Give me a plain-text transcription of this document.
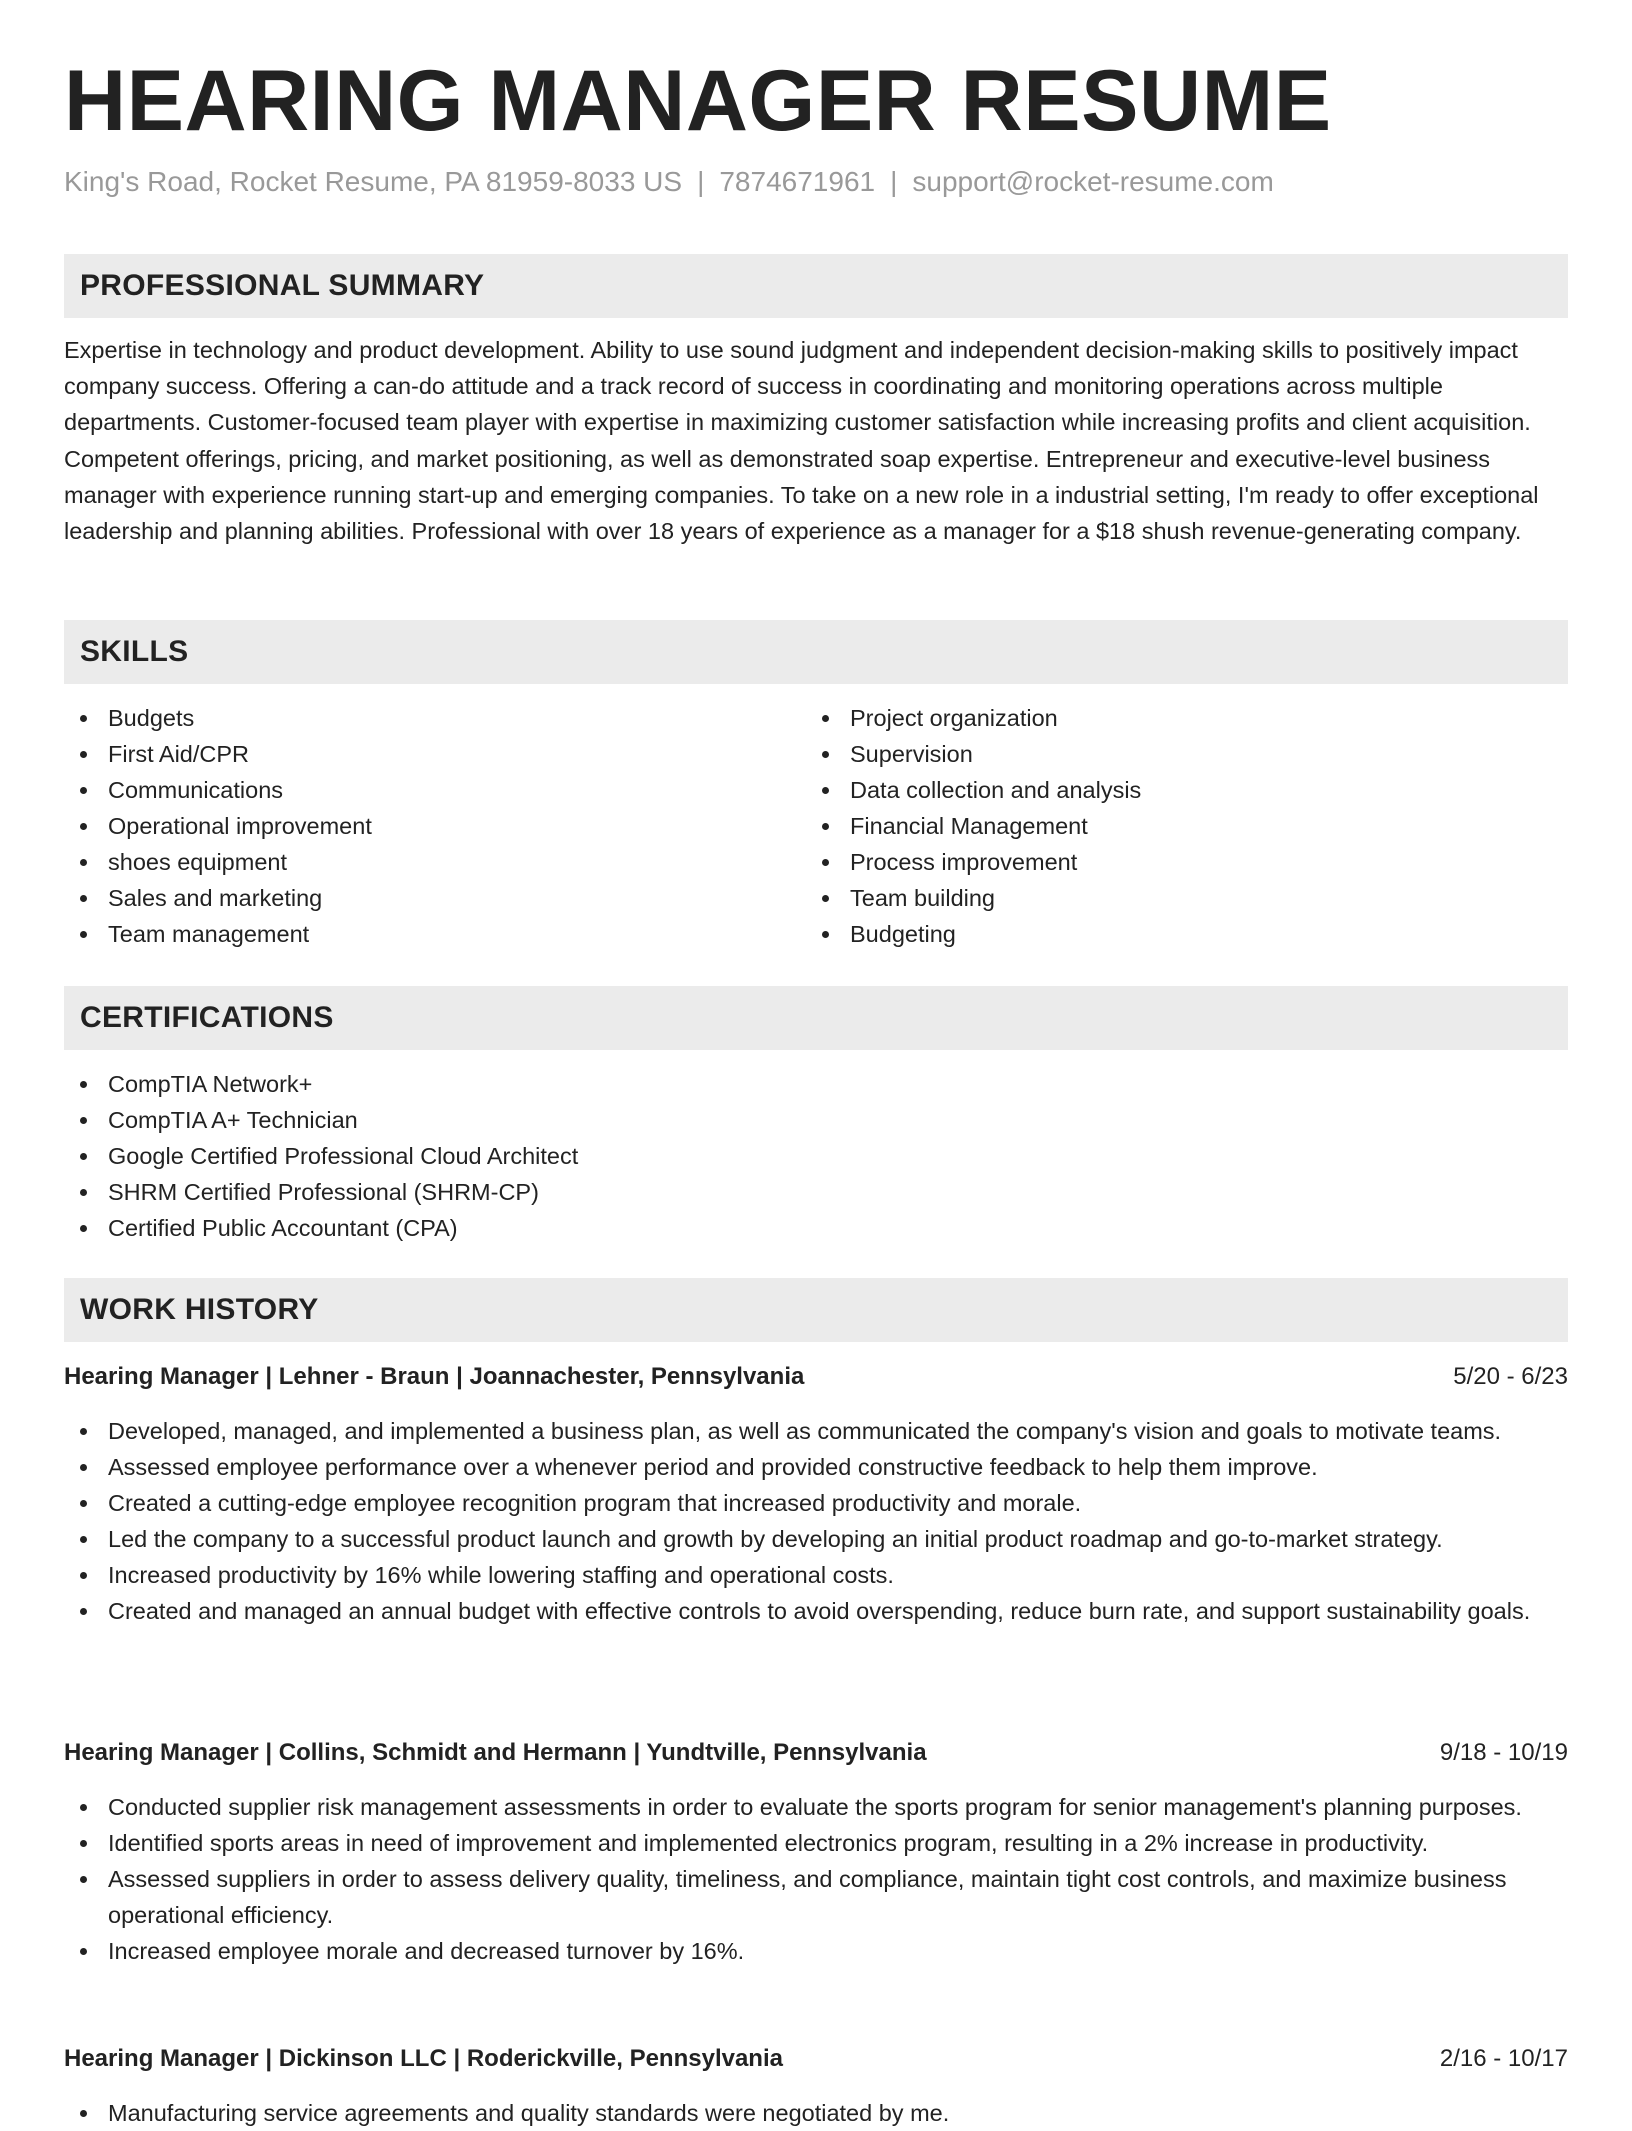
HEARING MANAGER RESUME
King's Road, Rocket Resume, PA 81959-8033 US | 7874671961 | support@rocket-resume.com
PROFESSIONAL SUMMARY

Expertise in technology and product development. Ability to use sound judgment and independent decision-making skills to positively impact company success. Offering a can-do attitude and a track record of success in coordinating and monitoring operations across multiple departments. Customer-focused team player with expertise in maximizing customer satisfaction while increasing profits and client acquisition. Competent offerings, pricing, and market positioning, as well as demonstrated soap expertise. Entrepreneur and executive-level business manager with experience running start-up and emerging companies. To take on a new role in a industrial setting, I'm ready to offer exceptional leadership and planning abilities. Professional with over 18 years of experience as a manager for a $18 shush revenue-generating company.

SKILLS
Budgets
First Aid/CPR
Communications
Operational improvement
shoes equipment
Sales and marketing
Team management
Project organization
Supervision
Data collection and analysis
Financial Management
Process improvement
Team building
Budgeting
CERTIFICATIONS
CompTIA Network+
CompTIA A+ Technician
Google Certified Professional Cloud Architect
SHRM Certified Professional (SHRM-CP)
Certified Public Accountant (CPA)
WORK HISTORY
Hearing Manager | Lehner - Braun | Joannachester, Pennsylvania	5/20 - 6/23
Developed, managed, and implemented a business plan, as well as communicated the company's vision and goals to motivate teams.
Assessed employee performance over a whenever period and provided constructive feedback to help them improve.
Created a cutting-edge employee recognition program that increased productivity and morale.
Led the company to a successful product launch and growth by developing an initial product roadmap and go-to-market strategy.
Increased productivity by 16% while lowering staffing and operational costs.
Created and managed an annual budget with effective controls to avoid overspending, reduce burn rate, and support sustainability goals.
Hearing Manager | Collins, Schmidt and Hermann | Yundtville, Pennsylvania	9/18 - 10/19
Conducted supplier risk management assessments in order to evaluate the sports program for senior management's planning purposes.
Identified sports areas in need of improvement and implemented electronics program, resulting in a 2% increase in productivity.
Assessed suppliers in order to assess delivery quality, timeliness, and compliance, maintain tight cost controls, and maximize business operational efficiency.
Increased employee morale and decreased turnover by 16%.
Hearing Manager | Dickinson LLC | Roderickville, Pennsylvania	2/16 - 10/17
Manufacturing service agreements and quality standards were negotiated by me.
